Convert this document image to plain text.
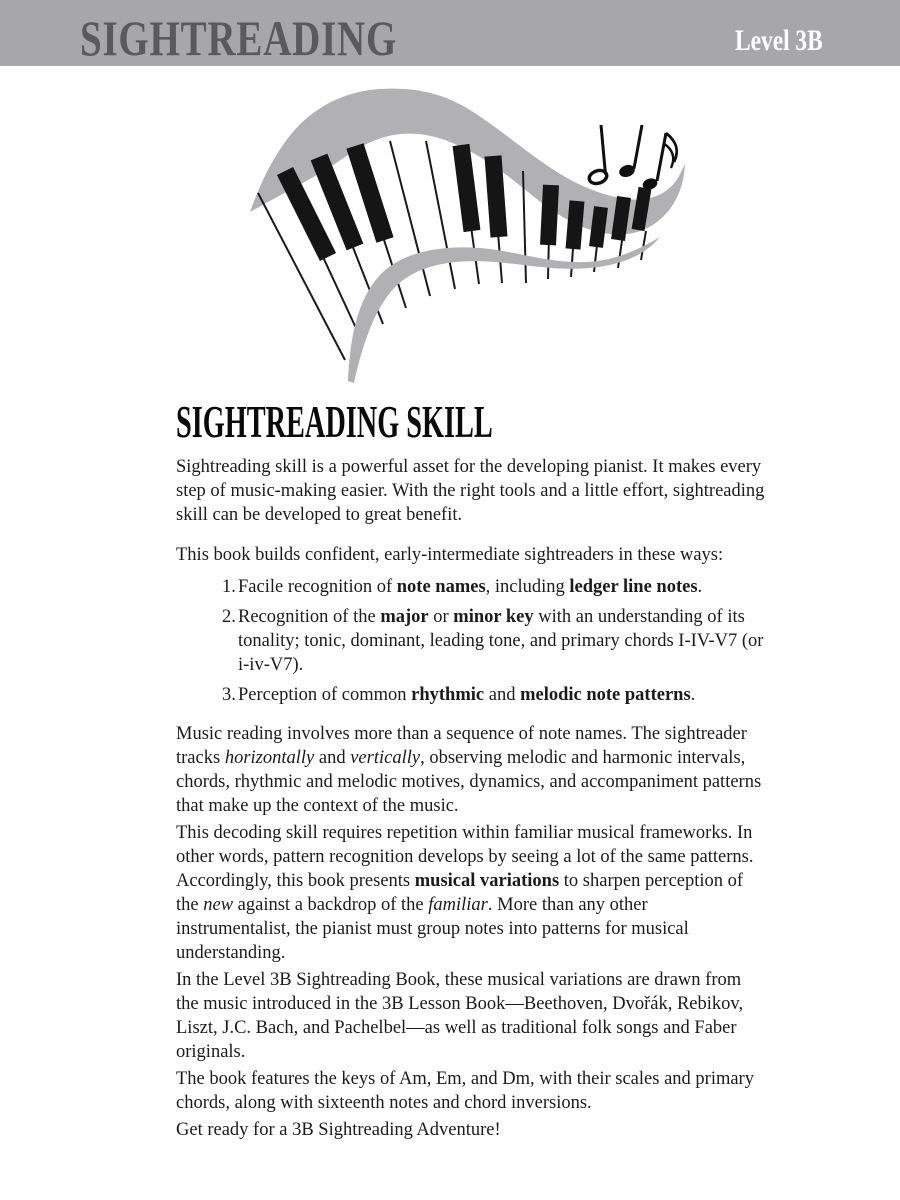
SIGHTREADING	Level 3B
SIGHTREADING SKILL

Sightreading skill is a powerful asset for the developing pianist. It makes every step of music-making easier. With the right tools and a little effort, sightreading skill can be developed to great benefit.

This book builds confident, early-intermediate sightreaders in these ways:

1. Facile recognition of note names, including ledger line notes.
2. Recognition of the major or minor key with an understanding of its tonality; tonic, dominant, leading tone, and primary chords I-IV-V7 (or i-iv-V7).
3. Perception of common rhythmic and melodic note patterns.

Music reading involves more than a sequence of note names. The sightreader tracks horizontally and vertically, observing melodic and harmonic intervals, chords, rhythmic and melodic motives, dynamics, and accompaniment patterns that make up the context of the music.

This decoding skill requires repetition within familiar musical frameworks. In other words, pattern recognition develops by seeing a lot of the same patterns. Accordingly, this book presents musical variations to sharpen perception of the new against a backdrop of the familiar. More than any other instrumentalist, the pianist must group notes into patterns for musical understanding.

In the Level 3B Sightreading Book, these musical variations are drawn from the music introduced in the 3B Lesson Book—Beethoven, Dvořák, Rebikov, Liszt, J.C. Bach, and Pachelbel—as well as traditional folk songs and Faber originals.

The book features the keys of Am, Em, and Dm, with their scales and primary chords, along with sixteenth notes and chord inversions.

Get ready for a 3B Sightreading Adventure!
